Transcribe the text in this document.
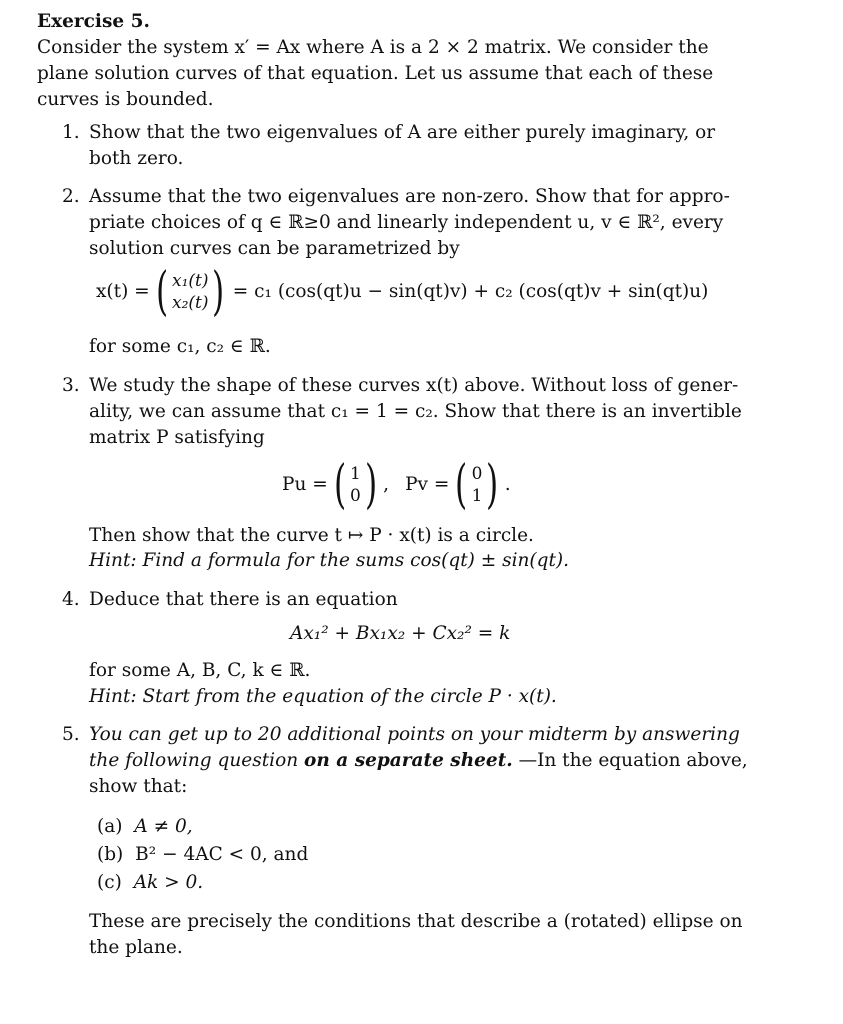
Exercise 5.
Consider the system x′ = Ax where A is a 2 × 2 matrix. We consider the
plane solution curves of that equation. Let us assume that each of these
curves is bounded.
1. Show that the two eigenvalues of A are either purely imaginary, or
both zero.
2. Assume that the two eigenvalues are non-zero. Show that for appro-
priate choices of q ∈ ℝ≥0 and linearly independent u, v ∈ ℝ², every
solution curves can be parametrized by
x(t) = ( x₁(t)
x₂(t) ) = c₁ (cos(qt)u − sin(qt)v) + c₂ (cos(qt)v + sin(qt)u)
for some c₁, c₂ ∈ ℝ.
3. We study the shape of these curves x(t) above. Without loss of gener-
ality, we can assume that c₁ = 1 = c₂. Show that there is an invertible
matrix P satisfying
Pu = ( 1
0 ) , Pv = ( 0
1 ) .
Then show that the curve t ↦ P · x(t) is a circle.
Hint: Find a formula for the sums cos(qt) ± sin(qt).
4. Deduce that there is an equation
Ax₁² + Bx₁x₂ + Cx₂² = k
for some A, B, C, k ∈ ℝ.
Hint: Start from the equation of the circle P · x(t).
5. You can get up to 20 additional points on your midterm by answering
the following question on a separate sheet. —In the equation above,
show that:
(a) A ≠ 0,
(b) B² − 4AC < 0, and
(c) Ak > 0.
These are precisely the conditions that describe a (rotated) ellipse on
the plane.
